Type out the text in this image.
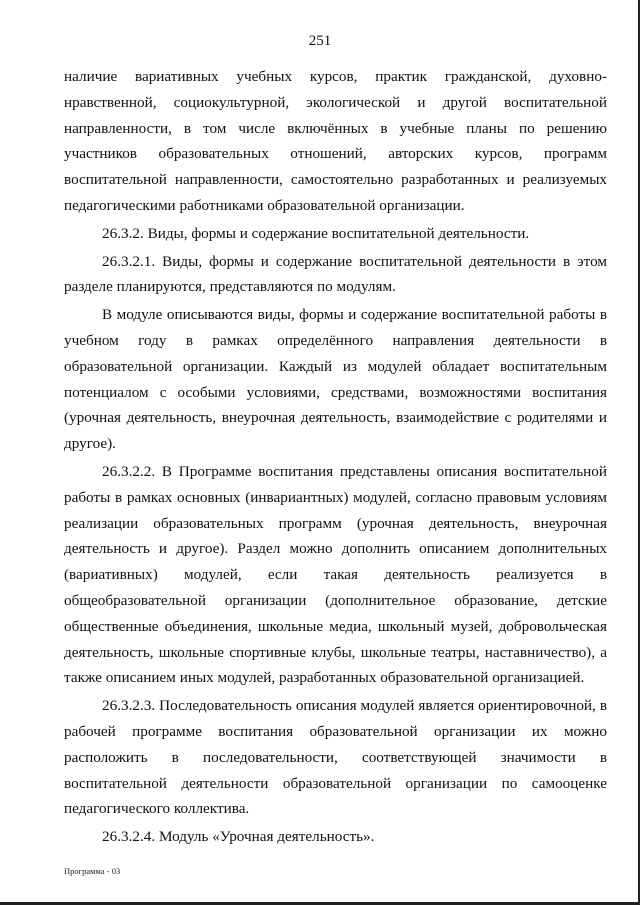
251

наличие вариативных учебных курсов, практик гражданской, духовно-нравственной, социокультурной, экологической и другой воспитательной направленности, в том числе включённых в учебные планы по решению участников образовательных отношений, авторских курсов, программ воспитательной направленности, самостоятельно разработанных и реализуемых педагогическими работниками образовательной организации.

26.3.2. Виды, формы и содержание воспитательной деятельности.

26.3.2.1. Виды, формы и содержание воспитательной деятельности в этом разделе планируются, представляются по модулям.

В модуле описываются виды, формы и содержание воспитательной работы в учебном году в рамках определённого направления деятельности в образовательной организации. Каждый из модулей обладает воспитательным потенциалом с особыми условиями, средствами, возможностями воспитания (урочная деятельность, внеурочная деятельность, взаимодействие с родителями и другое).

26.3.2.2. В Программе воспитания представлены описания воспитательной работы в рамках основных (инвариантных) модулей, согласно правовым условиям реализации образовательных программ (урочная деятельность, внеурочная деятельность и другое). Раздел можно дополнить описанием дополнительных (вариативных) модулей, если такая деятельность реализуется в общеобразовательной организации (дополнительное образование, детские общественные объединения, школьные медиа, школьный музей, добровольческая деятельность, школьные спортивные клубы, школьные театры, наставничество), а также описанием иных модулей, разработанных образовательной организацией.

26.3.2.3. Последовательность описания модулей является ориентировочной, в рабочей программе воспитания образовательной организации их можно расположить в последовательности, соответствующей значимости в воспитательной деятельности образовательной организации по самооценке педагогического коллектива.

26.3.2.4. Модуль «Урочная деятельность».

Программа - 03
